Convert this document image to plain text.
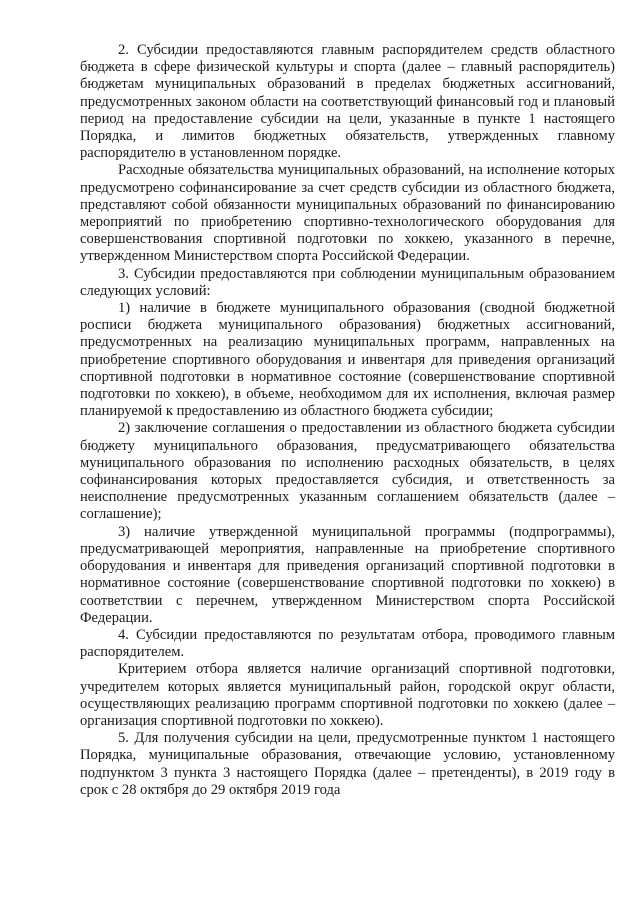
2. Субсидии предоставляются главным распорядителем средств областного бюджета в сфере физической культуры и спорта (далее – главный распорядитель) бюджетам муниципальных образований в пределах бюджетных ассигнований, предусмотренных законом области на соответствующий финансовый год и плановый период на предоставление субсидии на цели, указанные в пункте 1 настоящего Порядка, и лимитов бюджетных обязательств, утвержденных главному распорядителю в установленном порядке.

Расходные обязательства муниципальных образований, на исполнение которых предусмотрено софинансирование за счет средств субсидии из областного бюджета, представляют собой обязанности муниципальных образований по финансированию мероприятий по приобретению спортивно-технологического оборудования для совершенствования спортивной подготовки по хоккею, указанного в перечне, утвержденном Министерством спорта Российской Федерации.

3. Субсидии предоставляются при соблюдении муниципальным образованием следующих условий:

1) наличие в бюджете муниципального образования (сводной бюджетной росписи бюджета муниципального образования) бюджетных ассигнований, предусмотренных на реализацию муниципальных программ, направленных на приобретение спортивного оборудования и инвентаря для приведения организаций спортивной подготовки в нормативное состояние (совершенствование спортивной подготовки по хоккею), в объеме, необходимом для их исполнения, включая размер планируемой к предоставлению из областного бюджета субсидии;

2) заключение соглашения о предоставлении из областного бюджета субсидии бюджету муниципального образования, предусматривающего обязательства муниципального образования по исполнению расходных обязательств, в целях софинансирования которых предоставляется субсидия, и ответственность за неисполнение предусмотренных указанным соглашением обязательств (далее – соглашение);

3) наличие утвержденной муниципальной программы (подпрограммы), предусматривающей мероприятия, направленные на приобретение спортивного оборудования и инвентаря для приведения организаций спортивной подготовки в нормативное состояние (совершенствование спортивной подготовки по хоккею) в соответствии с перечнем, утвержденном Министерством спорта Российской Федерации.

4. Субсидии предоставляются по результатам отбора, проводимого главным распорядителем.

Критерием отбора является наличие организаций спортивной подготовки, учредителем которых является муниципальный район, городской округ области, осуществляющих реализацию программ спортивной подготовки по хоккею (далее – организация спортивной подготовки по хоккею).

5. Для получения субсидии на цели, предусмотренные пунктом 1 настоящего Порядка, муниципальные образования, отвечающие условию, установленному подпунктом 3 пункта 3 настоящего Порядка (далее – претенденты), в 2019 году в срок с 28 октября до 29 октября 2019 года
